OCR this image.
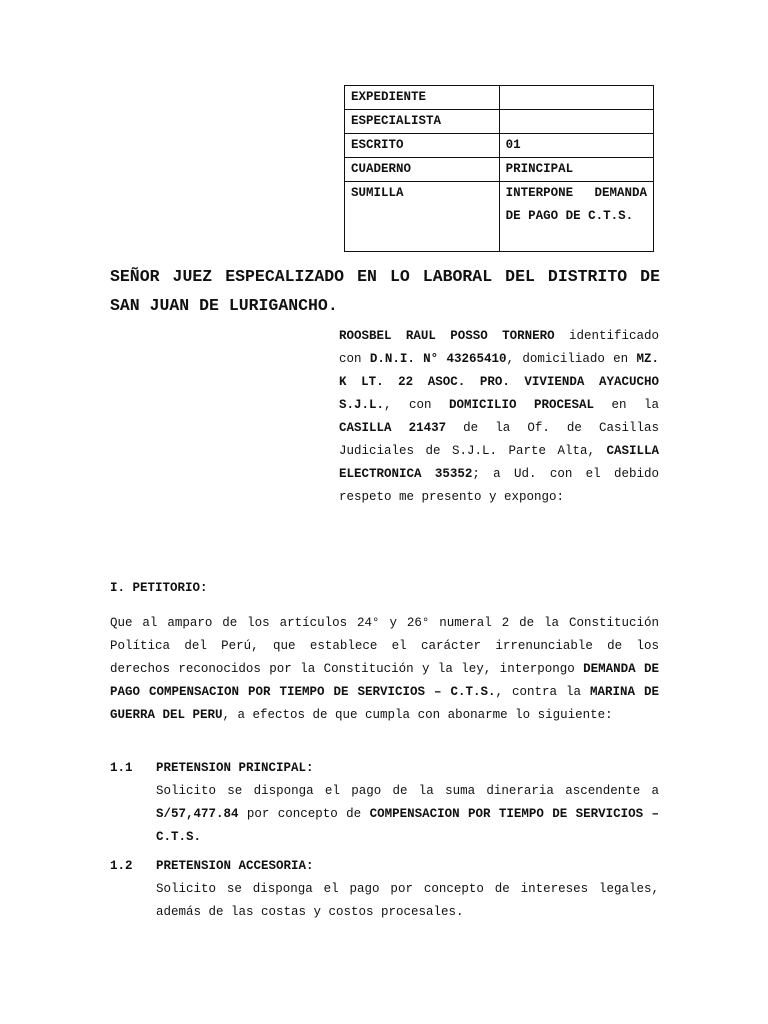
EXPEDIENTE	
ESPECIALISTA	
ESCRITO	01
CUADERNO	PRINCIPAL
SUMILLA	INTERPONE DEMANDA DE PAGO DE C.T.S.

SEÑOR JUEZ ESPECALIZADO EN LO LABORAL DEL DISTRITO DE SAN JUAN DE LURIGANCHO.

ROOSBEL RAUL POSSO TORNERO identificado con D.N.I. N° 43265410, domiciliado en MZ. K LT. 22 ASOC. PRO. VIVIENDA AYACUCHO S.J.L., con DOMICILIO PROCESAL en la CASILLA 21437 de la Of. de Casillas Judiciales de S.J.L. Parte Alta, CASILLA ELECTRONICA 35352; a Ud. con el debido respeto me presento y expongo:

I. PETITORIO:

Que al amparo de los artículos 24° y 26° numeral 2 de la Constitución Política del Perú, que establece el carácter irrenunciable de los derechos reconocidos por la Constitución y la ley, interpongo DEMANDA DE PAGO COMPENSACION POR TIEMPO DE SERVICIOS – C.T.S., contra la MARINA DE GUERRA DEL PERU, a efectos de que cumpla con abonarme lo siguiente:

1.1 PRETENSION PRINCIPAL:

Solicito se disponga el pago de la suma dineraria ascendente a S/57,477.84 por concepto de COMPENSACION POR TIEMPO DE SERVICIOS – C.T.S.

1.2 PRETENSION ACCESORIA:

Solicito se disponga el pago por concepto de intereses legales, además de las costas y costos procesales.
